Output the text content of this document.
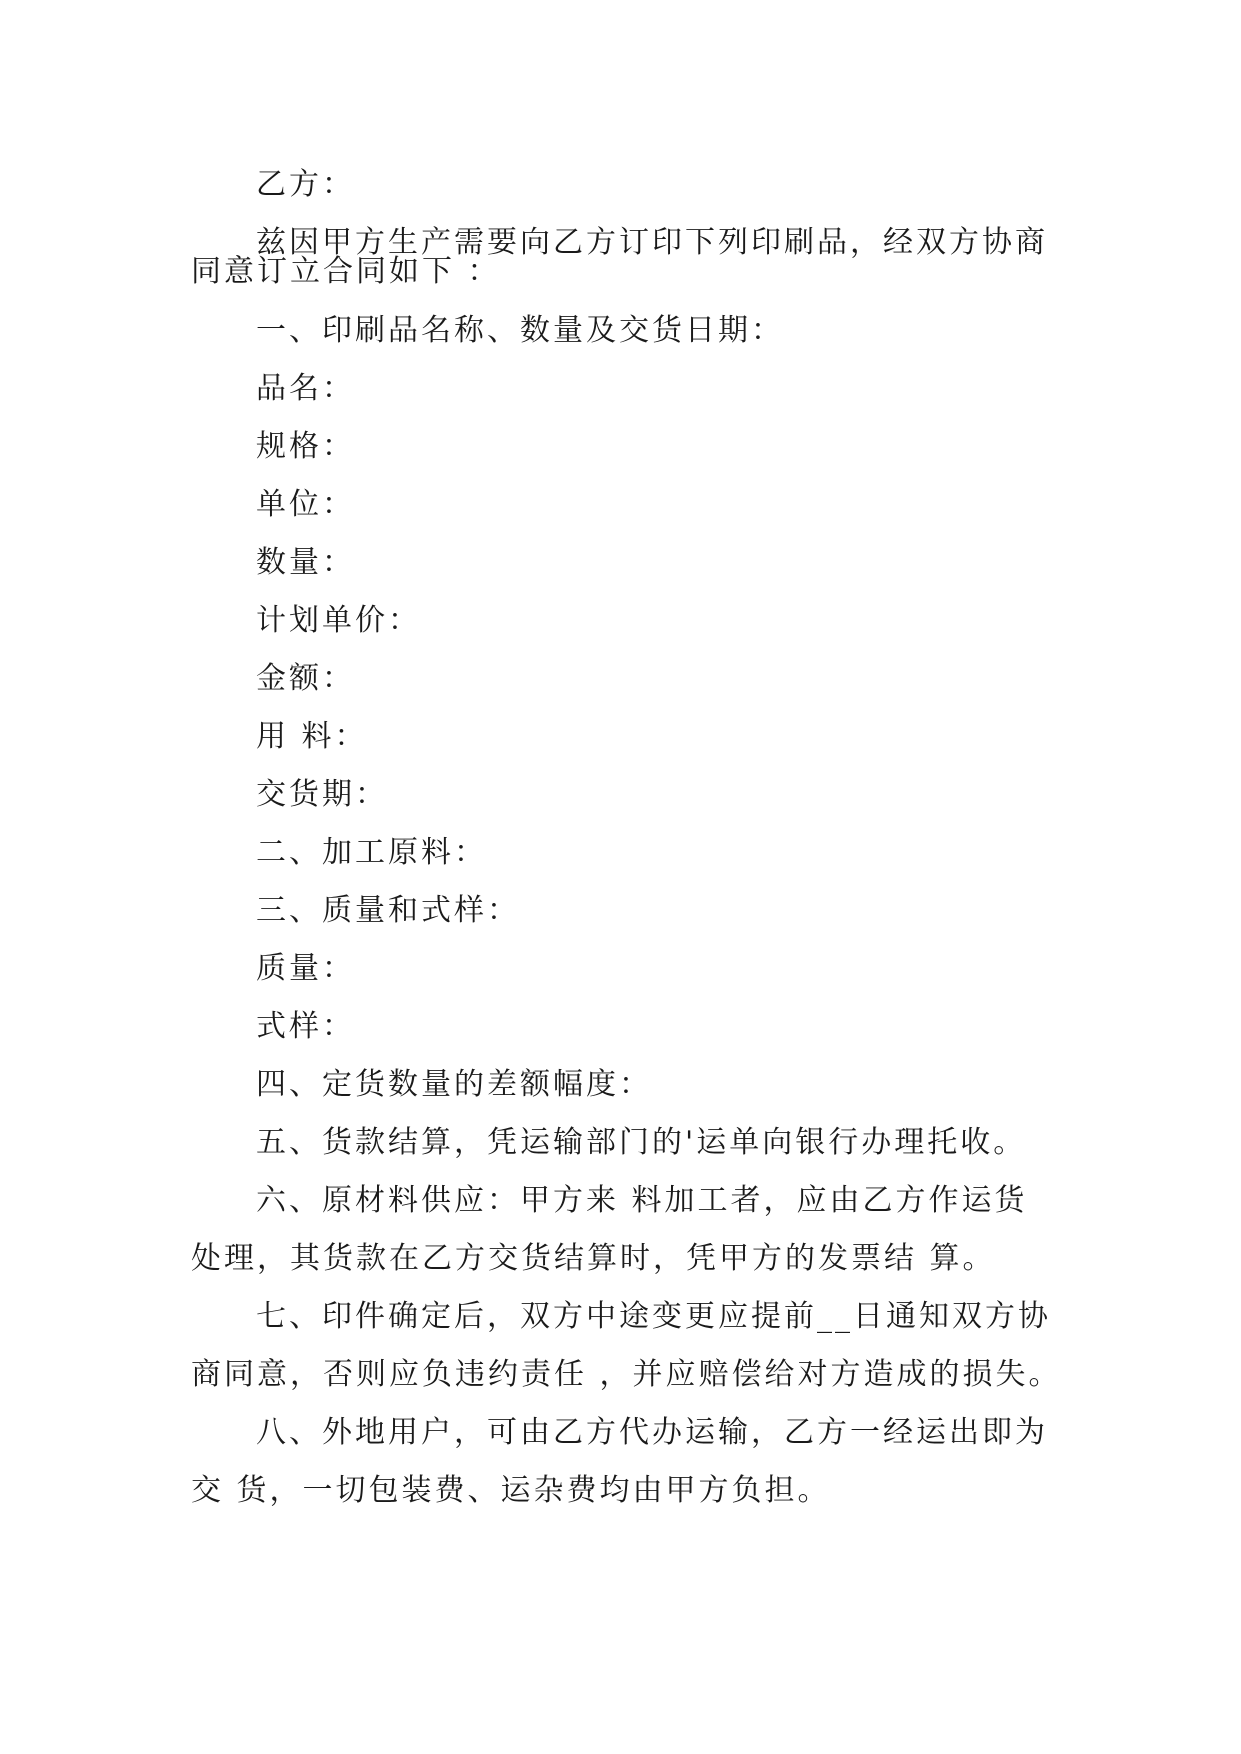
乙方：
兹因甲方生产需要向乙方订印下列印刷品，经双方协商
同意订立合同如下 ：
一、印刷品名称、数量及交货日期：
品名：
规格：
单位：
数量：
计划单价：
金额：
用 料：
交货期：
二、加工原料：
三、质量和式样：
质量：
式样：
四、定货数量的差额幅度：
五、货款结算，凭运输部门的'运单向银行办理托收。
六、原材料供应：甲方来 料加工者，应由乙方作运货
处理，其货款在乙方交货结算时，凭甲方的发票结 算。
七、印件确定后，双方中途变更应提前__日通知双方协
商同意，否则应负违约责任 ，并应赔偿给对方造成的损失。
八、外地用户，可由乙方代办运输，乙方一经运出即为
交 货，一切包装费、运杂费均由甲方负担。
